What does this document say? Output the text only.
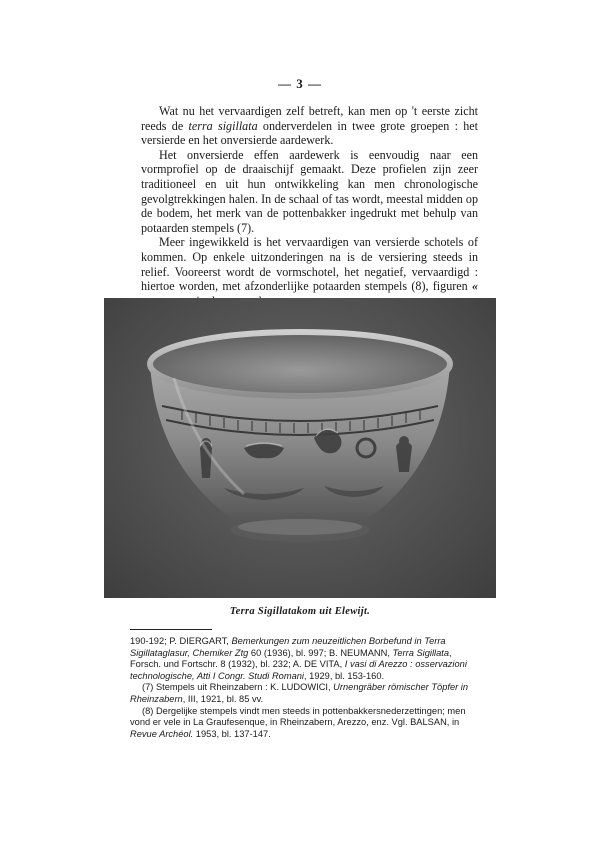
— 3 —

Wat nu het vervaardigen zelf betreft, kan men op 't eerste zicht reeds de terra sigillata onderverdelen in twee grote groepen : het versierde en het onversierde aardewerk.

Het onversierde effen aardewerk is eenvoudig naar een vormprofiel op de draaischijf gemaakt. Deze profielen zijn zeer traditioneel en uit hun ontwikkeling kan men chronologische gevolgtrekkingen halen. In de schaal of tas wordt, meestal midden op de bodem, het merk van de pottenbakker ingedrukt met behulp van potaarden stempels (7).

Meer ingewikkeld is het vervaardigen van versierde schotels of kommen. Op enkele uitzonderingen na is de versiering steeds in relief. Vooreerst wordt de vormschotel, het negatief, vervaardigd : hiertoe worden, met afzonderlijke potaarden stempels (8), figuren «

Terra Sigillatakom uit Elewijt.

190-192; P. DIERGART, Bemerkungen zum neuzeitlichen Borbefund in Terra Sigillataglasur, Chemiker Ztg 60 (1936), bl. 997; B. NEUMANN, Terra Sigillata, Forsch. und Fortschr. 8 (1932), bl. 232; A. DE VITA, I vasi di Arezzo : osservazioni technologische, Atti I Congr. Studi Romani, 1929, bl. 153-160.

(7) Stempels uit Rheinzabern : K. LUDOWICI, Urnengräber römischer Töpfer in Rheinzabern, III, 1921, bl. 85 vv.

(8) Dergelijke stempels vindt men steeds in pottenbakkersnederzettingen; men vond er vele in La Graufesenque, in Rheinzabern, Arezzo, enz. Vgl. BALSAN, in Revue Archéol. 1953, bl. 137-147.
